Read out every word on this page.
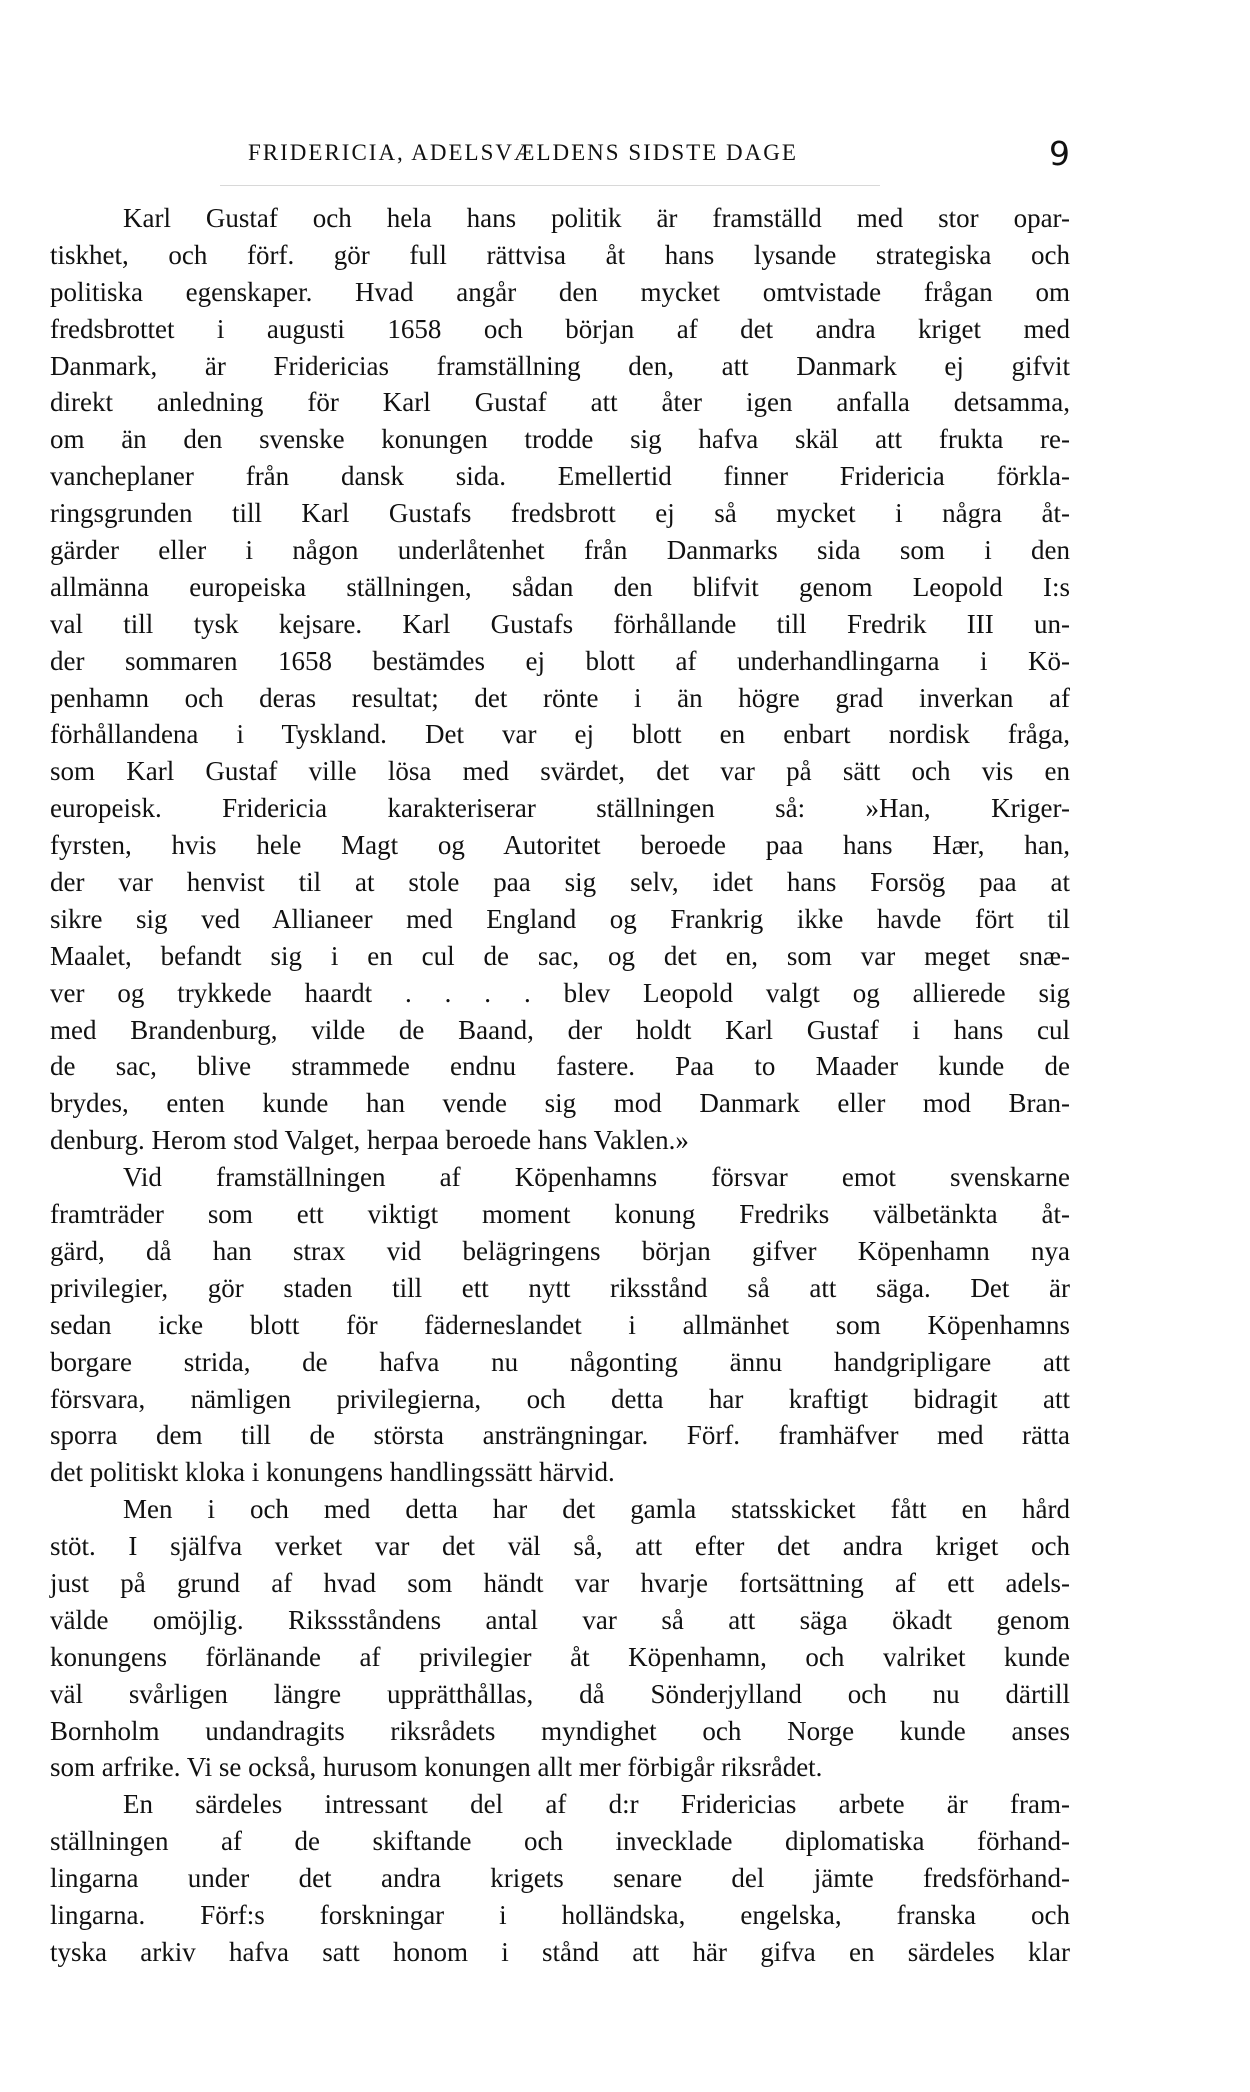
FRIDERICIA, ADELSVÆLDENS SIDSTE DAGE	9
Karl Gustaf och hela hans politik är framställd med stor opar-
tiskhet, och förf. gör full rättvisa åt hans lysande strategiska och
politiska egenskaper. Hvad angår den mycket omtvistade frågan om
fredsbrottet i augusti 1658 och början af det andra kriget med
Danmark, är Fridericias framställning den, att Danmark ej gifvit
direkt anledning för Karl Gustaf att åter igen anfalla detsamma,
om än den svenske konungen trodde sig hafva skäl att frukta re-
vancheplaner från dansk sida. Emellertid finner Fridericia förkla-
ringsgrunden till Karl Gustafs fredsbrott ej så mycket i några åt-
gärder eller i någon underlåtenhet från Danmarks sida som i den
allmänna europeiska ställningen, sådan den blifvit genom Leopold I:s
val till tysk kejsare. Karl Gustafs förhållande till Fredrik III un-
der sommaren 1658 bestämdes ej blott af underhandlingarna i Kö-
penhamn och deras resultat; det rönte i än högre grad inverkan af
förhållandena i Tyskland. Det var ej blott en enbart nordisk fråga,
som Karl Gustaf ville lösa med svärdet, det var på sätt och vis en
europeisk. Fridericia karakteriserar ställningen så: »Han, Kriger-
fyrsten, hvis hele Magt og Autoritet beroede paa hans Hær, han,
der var henvist til at stole paa sig selv, idet hans Forsög paa at
sikre sig ved Allianeer med England og Frankrig ikke havde fört til
Maalet, befandt sig i en cul de sac, og det en, som var meget snæ-
ver og trykkede haardt . . . . blev Leopold valgt og allierede sig
med Brandenburg, vilde de Baand, der holdt Karl Gustaf i hans cul
de sac, blive strammede endnu fastere. Paa to Maader kunde de
brydes, enten kunde han vende sig mod Danmark eller mod Bran-
denburg. Herom stod Valget, herpaa beroede hans Vaklen.»
Vid framställningen af Köpenhamns försvar emot svenskarne
framträder som ett viktigt moment konung Fredriks välbetänkta åt-
gärd, då han strax vid belägringens början gifver Köpenhamn nya
privilegier, gör staden till ett nytt riksstånd så att säga. Det är
sedan icke blott för fäderneslandet i allmänhet som Köpenhamns
borgare strida, de hafva nu någonting ännu handgripligare att
försvara, nämligen privilegierna, och detta har kraftigt bidragit att
sporra dem till de största ansträngningar. Förf. framhäfver med rätta
det politiskt kloka i konungens handlingssätt härvid.
Men i och med detta har det gamla statsskicket fått en hård
stöt. I själfva verket var det väl så, att efter det andra kriget och
just på grund af hvad som händt var hvarje fortsättning af ett adels-
välde omöjlig. Rikssståndens antal var så att säga ökadt genom
konungens förlänande af privilegier åt Köpenhamn, och valriket kunde
väl svårligen längre upprätthållas, då Sönderjylland och nu därtill
Bornholm undandragits riksrådets myndighet och Norge kunde anses
som arfrike. Vi se också, hurusom konungen allt mer förbigår riksrådet.
En särdeles intressant del af d:r Fridericias arbete är fram-
ställningen af de skiftande och invecklade diplomatiska förhand-
lingarna under det andra krigets senare del jämte fredsförhand-
lingarna. Förf:s forskningar i holländska, engelska, franska och
tyska arkiv hafva satt honom i stånd att här gifva en särdeles klar
